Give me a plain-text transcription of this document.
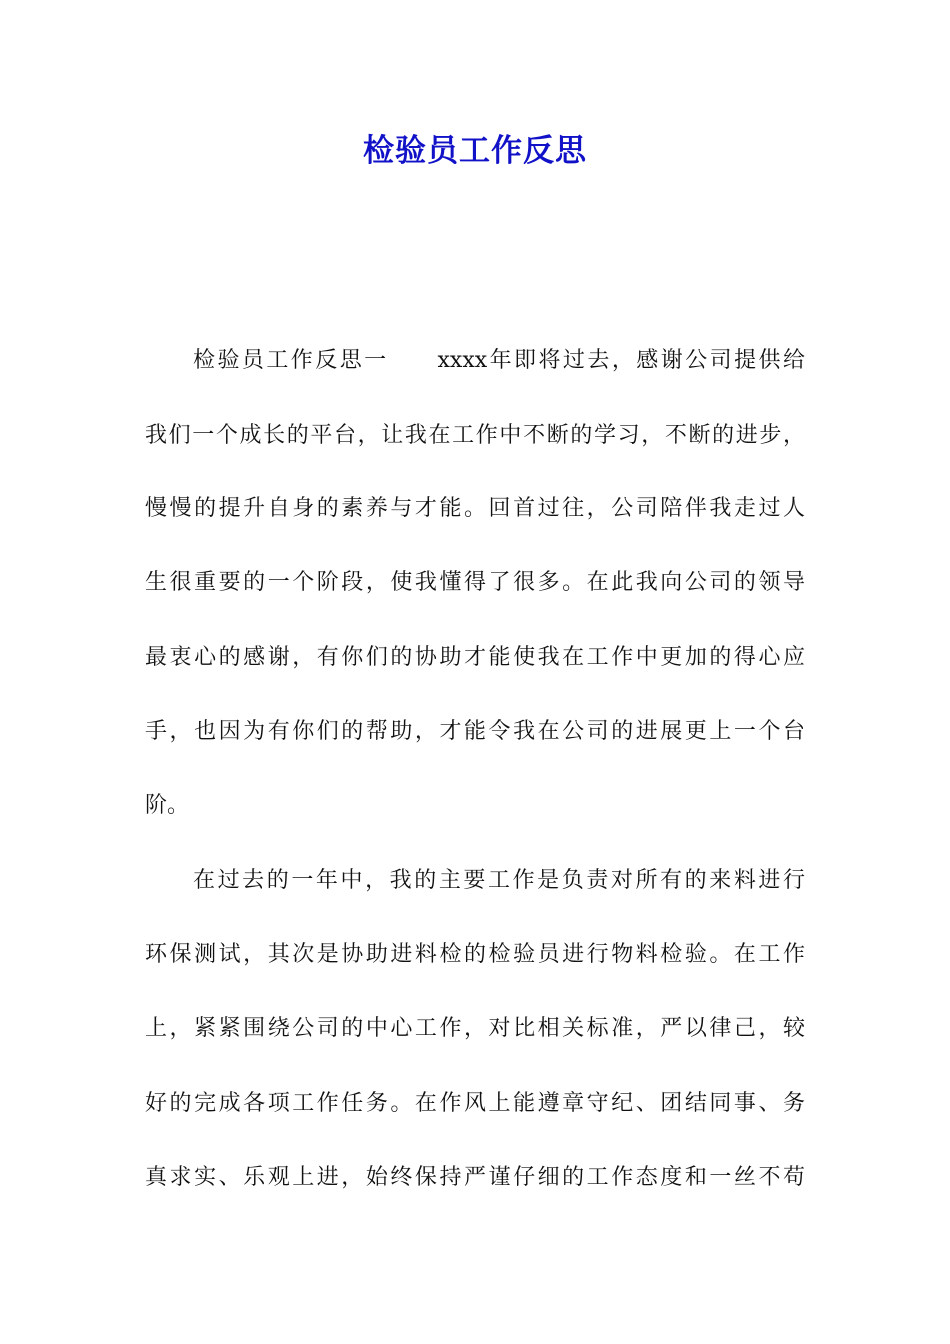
检验员工作反思
检验员工作反思一　　xxxx年即将过去，感谢公司提供给
我们一个成长的平台，让我在工作中不断的学习，不断的进步，
慢慢的提升自身的素养与才能。回首过往，公司陪伴我走过人
生很重要的一个阶段，使我懂得了很多。在此我向公司的领导
最衷心的感谢，有你们的协助才能使我在工作中更加的得心应
手，也因为有你们的帮助，才能令我在公司的进展更上一个台
阶。
在过去的一年中，我的主要工作是负责对所有的来料进行
环保测试，其次是协助进料检的检验员进行物料检验。在工作
上，紧紧围绕公司的中心工作，对比相关标准，严以律己，较
好的完成各项工作任务。在作风上能遵章守纪、团结同事、务
真求实、乐观上进，始终保持严谨仔细的工作态度和一丝不苟
